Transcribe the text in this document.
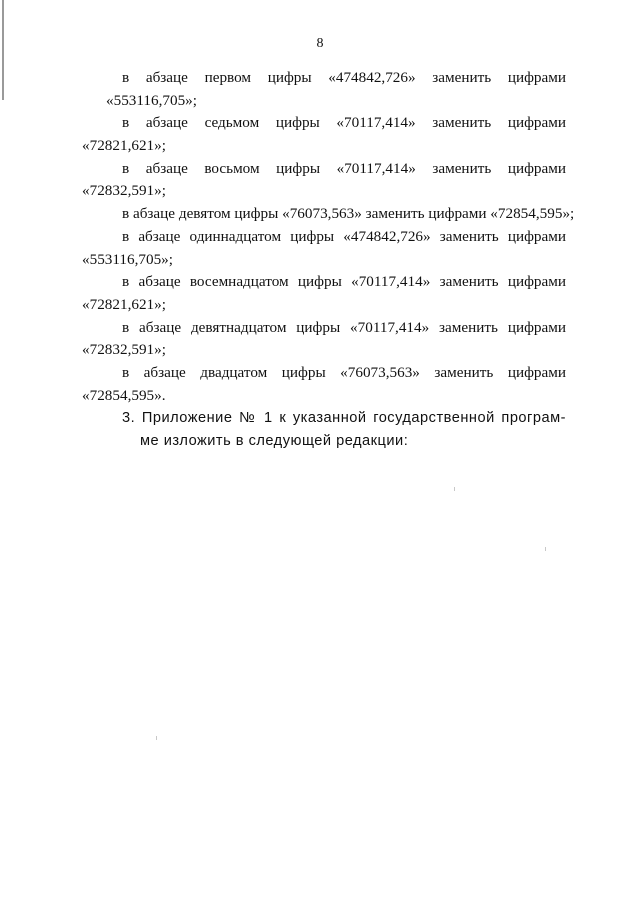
8
в абзаце первом цифры «474842,726» заменить цифрами
«553116,705»;
в абзаце седьмом цифры «70117,414» заменить цифрами
«72821,621»;
в абзаце восьмом цифры «70117,414» заменить цифрами
«72832,591»;
в абзаце девятом цифры «76073,563» заменить цифрами «72854,595»;
в абзаце одиннадцатом цифры «474842,726» заменить цифрами
«553116,705»;
в абзаце восемнадцатом цифры «70117,414» заменить цифрами
«72821,621»;
в абзаце девятнадцатом цифры «70117,414» заменить цифрами
«72832,591»;
в абзаце двадцатом цифры «76073,563» заменить цифрами
«72854,595».
3. Приложение № 1 к указанной государственной програм-
ме изложить в следующей редакции:
